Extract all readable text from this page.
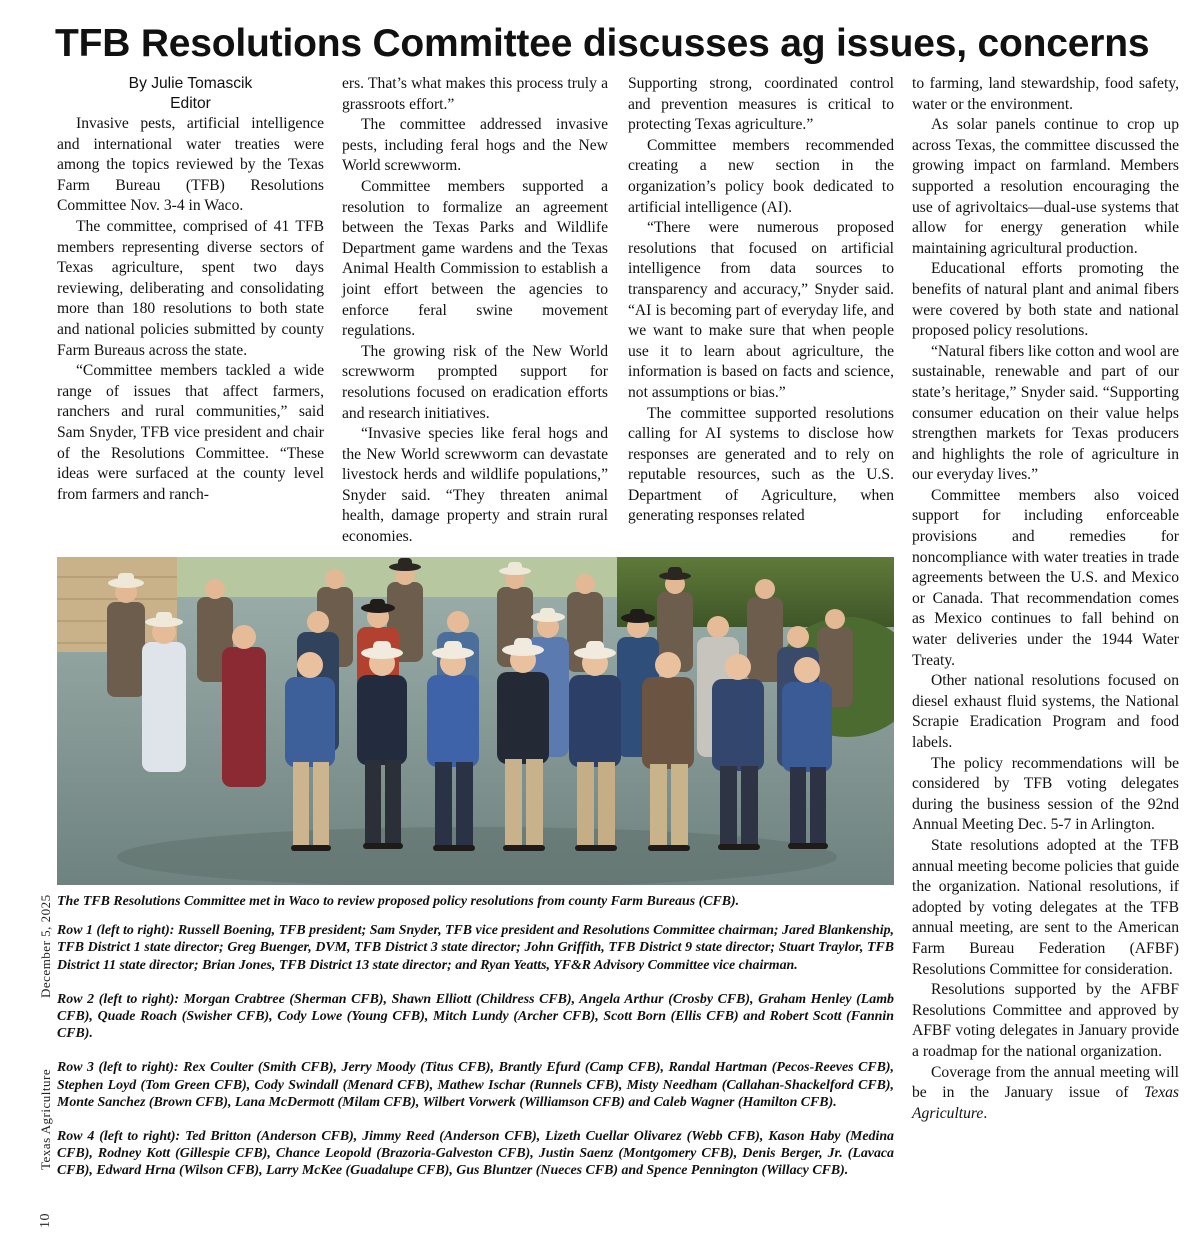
TFB Resolutions Committee discusses ag issues, concerns
By Julie Tomascik
Editor

Invasive pests, artificial intelligence and international water treaties were among the topics reviewed by the Texas Farm Bureau (TFB) Resolutions Committee Nov. 3-4 in Waco.

The committee, comprised of 41 TFB members representing diverse sectors of Texas agriculture, spent two days reviewing, deliberating and consolidating more than 180 resolutions to both state and national policies submitted by county Farm Bureaus across the state.

“Committee members tackled a wide range of issues that affect farmers, ranchers and rural communities,” said Sam Snyder, TFB vice president and chair of the Resolutions Committee. “These ideas were surfaced at the county level from farmers and ranch-

ers. That’s what makes this process truly a grassroots effort.”

The committee addressed invasive pests, including feral hogs and the New World screwworm.

Committee members supported a resolution to formalize an agreement between the Texas Parks and Wildlife Department game wardens and the Texas Animal Health Commission to establish a joint effort between the agencies to enforce feral swine movement regulations.

The growing risk of the New World screwworm prompted support for resolutions focused on eradication efforts and research initiatives.

“Invasive species like feral hogs and the New World screwworm can devastate livestock herds and wildlife populations,” Snyder said. “They threaten animal health, damage property and strain rural economies.

Supporting strong, coordinated control and prevention measures is critical to protecting Texas agriculture.”

Committee members recommended creating a new section in the organization’s policy book dedicated to artificial intelligence (AI).

“There were numerous proposed resolutions that focused on artificial intelligence from data sources to transparency and accuracy,” Snyder said. “AI is becoming part of everyday life, and we want to make sure that when people use it to learn about agriculture, the information is based on facts and science, not assumptions or bias.”

The committee supported resolutions calling for AI systems to disclose how responses are generated and to rely on reputable resources, such as the U.S. Department of Agriculture, when generating responses related

to farming, land stewardship, food safety, water or the environment.

As solar panels continue to crop up across Texas, the committee discussed the growing impact on farmland. Members supported a resolution encouraging the use of agrivoltaics—dual-use systems that allow for energy generation while maintaining agricultural production.

Educational efforts promoting the benefits of natural plant and animal fibers were covered by both state and national proposed policy resolutions.

“Natural fibers like cotton and wool are sustainable, renewable and part of our state’s heritage,” Snyder said. “Supporting consumer education on their value helps strengthen markets for Texas producers and highlights the role of agriculture in our everyday lives.”

Committee members also voiced support for including enforceable provisions and remedies for noncompliance with water treaties in trade agreements between the U.S. and Mexico or Canada. That recommendation comes as Mexico continues to fall behind on water deliveries under the 1944 Water Treaty.

Other national resolutions focused on diesel exhaust fluid systems, the National Scrapie Eradication Program and food labels.

The policy recommendations will be considered by TFB voting delegates during the business session of the 92nd Annual Meeting Dec. 5-7 in Arlington.

State resolutions adopted at the TFB annual meeting become policies that guide the organization. National resolutions, if adopted by voting delegates at the TFB annual meeting, are sent to the American Farm Bureau Federation (AFBF) Resolutions Committee for consideration.

Resolutions supported by the AFBF Resolutions Committee and approved by AFBF voting delegates in January provide a roadmap for the national organization.

Coverage from the annual meeting will be in the January issue of Texas Agriculture.

The TFB Resolutions Committee met in Waco to review proposed policy resolutions from county Farm Bureaus (CFB).

Row 1 (left to right): Russell Boening, TFB president; Sam Snyder, TFB vice president and Resolutions Committee chairman; Jared Blankenship, TFB District 1 state director; Greg Buenger, DVM, TFB District 3 state director; John Griffith, TFB District 9 state director; Stuart Traylor, TFB District 11 state director; Brian Jones, TFB District 13 state director; and Ryan Yeatts, YF&R Advisory Committee vice chairman.

Row 2 (left to right): Morgan Crabtree (Sherman CFB), Shawn Elliott (Childress CFB), Angela Arthur (Crosby CFB), Graham Henley (Lamb CFB), Quade Roach (Swisher CFB), Cody Lowe (Young CFB), Mitch Lundy (Archer CFB), Scott Born (Ellis CFB) and Robert Scott (Fannin CFB).

Row 3 (left to right): Rex Coulter (Smith CFB), Jerry Moody (Titus CFB), Brantly Efurd (Camp CFB), Randal Hartman (Pecos-Reeves CFB), Stephen Loyd (Tom Green CFB), Cody Swindall (Menard CFB), Mathew Ischar (Runnels CFB), Misty Needham (Callahan-Shackelford CFB), Monte Sanchez (Brown CFB), Lana McDermott (Milam CFB), Wilbert Vorwerk (Williamson CFB) and Caleb Wagner (Hamilton CFB).

Row 4 (left to right): Ted Britton (Anderson CFB), Jimmy Reed (Anderson CFB), Lizeth Cuellar Olivarez (Webb CFB), Kason Haby (Medina CFB), Rodney Kott (Gillespie CFB), Chance Leopold (Brazoria-Galveston CFB), Justin Saenz (Montgomery CFB), Denis Berger, Jr. (Lavaca CFB), Edward Hrna (Wilson CFB), Larry McKee (Guadalupe CFB), Gus Bluntzer (Nueces CFB) and Spence Pennington (Willacy CFB).

December 5, 2025
Texas Agriculture
10
